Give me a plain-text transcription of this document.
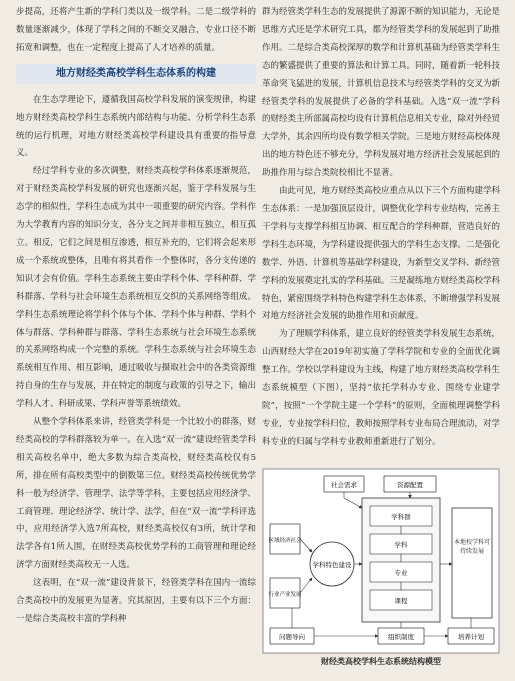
步提高，还将产生新的学科门类以及一级学科。二是二级学科的数量逐渐减少，体现了学科之间的不断交叉融合，专业口径不断拓宽和调整，也在一定程度上提高了人才培养的质量。

地方财经类高校学科生态体系的构建

在生态学理论下，遵循我国高校学科发展的演变规律，构建地方财经类高校学科生态系统内部结构与功能、分析学科生态系统的运行机理，对地方财经类高校学科建设具有重要的指导意义。

经过学科专业的多次调整，财经类高校学科体系逐渐规范，对于财经类高校学科发展的研究也逐渐兴起，鉴于学科发展与生态学的相似性，学科生态成为其中一项重要的研究内容。学科作为大学教育内容的知识分支，各分支之间并非相互独立，相互孤立。相反，它们之间是相互渗透，相互补充的，它们将会起来形成一个系统或整体，且唯有将其看作一个整体时，各分支传递的知识才会有价值。学科生态系统主要由学科个体、学科种群、学科群落、学科与社会环境生态系统相互交织的关系网络等组成。学科生态系统理论将学科个体与个体、学科个体与种群、学科个体与群落、学科种群与群落、学科生态系统与社会环境生态系统的关系网络构成一个完整的系统。学科生态系统与社会环境生态系统相互作用、相互影响，通过吸收与摄取社会中的各类资源维持自身的生存与发展，并在特定的制度与政策的引导之下，输出学科人才、科研成果、学科声誉等系统绩效。

从整个学科体系来讲，经管类学科是一个比较小的群落，财经类高校的学科群落较为单一。在入选“双一流”建设经管类学科相关高校名单中，绝大多数为综合类高校，财经类高校仅有5所，排在所有高校类型中的倒数第三位。财经类高校传统优势学科一般为经济学、管理学、法学等学科，主要包括应用经济学、工商管理、理论经济学、统计学、法学，但在“双一流”学科评选中，应用经济学入选7所高校，财经类高校仅有3所，统计学和法学各有1所人围，在财经类高校优势学科的工商管理和理论经济学方面财经类高校无一人选。

这表明，在“双一流”建设背景下，经管类学科在国内一流综合类高校中的发展更为显著。究其原因，主要有以下三个方面：一是综合类高校丰富的学科种

群为经管类学科生态的发展提供了源源不断的知识能力，无论是思维方式还是学术研究工具，都为经管类学科的发展起到了助推作用。二是综合类高校深厚的数学和计算机基础为经管类学科生态的繁盛提供了重要的算法和计算工具。同时，随着新一轮科技革命突飞猛进的发展，计算机信息技术与经管类学科的交叉为新经管类学科的发展提供了必备的学科基础。入选“双一流”学科的财经类主所部属高校均设有计算机信息相关专业，除对外经贸大学外，其余四所均设有数学相关学院。三是地方财经高校体现出的地方特色还不够充分，学科发展对地方经济社会发展起到的助推作用与综合类院校相比不显著。

由此可见，地方财经类高校应重点从以下三个方面构建学科生态体系：一是加强顶层设计，调整优化学科专业结构，完善主干学科与支撑学科相互协调、相互配合的学科种群，营造良好的学科生态环境，为学科建设提供强大的学科生态支撑。二是强化数学、外语、计算机等基础学科建设，为新型交叉学科、新经管学科的发展奠定扎实的学科基础。三是凝练地方财经类高校学科特色，紧密围绕学科特色构建学科生态体系，不断增强学科发展对地方经济社会发展的助推作用和贡献度。

为了理顺学科体系，建立良好的经管类学科发展生态系统，山西财经大学在2019年初实施了学科学院和专业的全面优化调整工作。学校以学科建设为主线，构建了地方财经类高校学科生态系统模型（下图），坚持“依托学科办专业、围绕专业建学院”，按照“一个学院主建一个学科”的原则，全面梳理调整学科专业，专业按学科归位，教师按照学科专业布局合理流动，对学科专业的归属与学科专业教师重新进行了划分。

社会需求	资源配置
区域经济社会
行业产业发展
学科特色建设
学科群
学科
专业
课程
本地校学科可持续发展
问题导向	组织制度	培养计划
财经类高校学科生态系统结构模型
